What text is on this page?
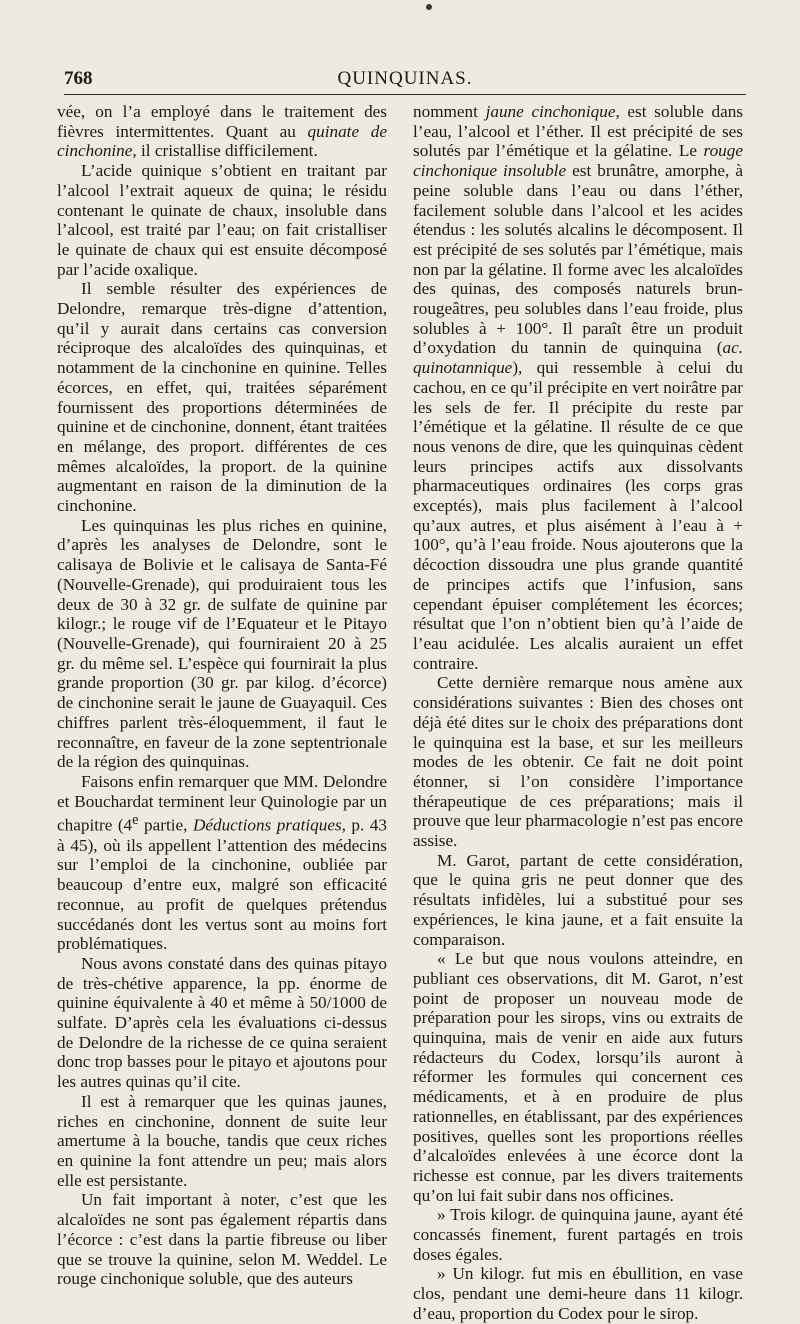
768	QUINQUINAS.

vée, on l’a employé dans le traitement des fièvres intermittentes. Quant au quinate de cinchonine, il cristallise difficilement.

L’acide quinique s’obtient en traitant par l’alcool l’extrait aqueux de quina; le résidu contenant le quinate de chaux, insoluble dans l’alcool, est traité par l’eau; on fait cristalliser le quinate de chaux qui est ensuite décomposé par l’acide oxalique.

Il semble résulter des expériences de Delondre, remarque très-digne d’attention, qu’il y aurait dans certains cas conversion réciproque des alcaloïdes des quinquinas, et notamment de la cinchonine en quinine. Telles écorces, en effet, qui, traitées séparément fournissent des proportions déterminées de quinine et de cinchonine, donnent, étant traitées en mélange, des proport. différentes de ces mêmes alcaloïdes, la proport. de la quinine augmentant en raison de la diminution de la cinchonine.

Les quinquinas les plus riches en quinine, d’après les analyses de Delondre, sont le calisaya de Bolivie et le calisaya de Santa-Fé (Nouvelle-Grenade), qui produiraient tous les deux de 30 à 32 gr. de sulfate de quinine par kilogr.; le rouge vif de l’Equateur et le Pitayo (Nouvelle-Grenade), qui fourniraient 20 à 25 gr. du même sel. L’espèce qui fournirait la plus grande proportion (30 gr. par kilog. d’écorce) de cinchonine serait le jaune de Guayaquil. Ces chiffres parlent très-éloquemment, il faut le reconnaître, en faveur de la zone septentrionale de la région des quinquinas.

Faisons enfin remarquer que MM. Delondre et Bouchardat terminent leur Quinologie par un chapitre (4e partie, Déductions pratiques, p. 43 à 45), où ils appellent l’attention des médecins sur l’emploi de la cinchonine, oubliée par beaucoup d’entre eux, malgré son efficacité reconnue, au profit de quelques prétendus succédanés dont les vertus sont au moins fort problématiques.

Nous avons constaté dans des quinas pitayo de très-chétive apparence, la pp. énorme de quinine équivalente à 40 et même à 50/1000 de sulfate. D’après cela les évaluations ci-dessus de Delondre de la richesse de ce quina seraient donc trop basses pour le pitayo et ajoutons pour les autres quinas qu’il cite.

Il est à remarquer que les quinas jaunes, riches en cinchonine, donnent de suite leur amertume à la bouche, tandis que ceux riches en quinine la font attendre un peu; mais alors elle est persistante.

Un fait important à noter, c’est que les alcaloïdes ne sont pas également répartis dans l’écorce : c’est dans la partie fibreuse ou liber que se trouve la quinine, selon M. Weddel. Le rouge cinchonique soluble, que des auteurs

nomment jaune cinchonique, est soluble dans l’eau, l’alcool et l’éther. Il est précipité de ses solutés par l’émétique et la gélatine. Le rouge cinchonique insoluble est brunâtre, amorphe, à peine soluble dans l’eau ou dans l’éther, facilement soluble dans l’alcool et les acides étendus : les solutés alcalins le décomposent. Il est précipité de ses solutés par l’émétique, mais non par la gélatine. Il forme avec les alcaloïdes des quinas, des composés naturels brun-rougeâtres, peu solubles dans l’eau froide, plus solubles à + 100°. Il paraît être un produit d’oxydation du tannin de quinquina (ac. quinotannique), qui ressemble à celui du cachou, en ce qu’il précipite en vert noirâtre par les sels de fer. Il précipite du reste par l’émétique et la gélatine. Il résulte de ce que nous venons de dire, que les quinquinas cèdent leurs principes actifs aux dissolvants pharmaceutiques ordinaires (les corps gras exceptés), mais plus facilement à l’alcool qu’aux autres, et plus aisément à l’eau à + 100°, qu’à l’eau froide. Nous ajouterons que la décoction dissoudra une plus grande quantité de principes actifs que l’infusion, sans cependant épuiser complétement les écorces; résultat que l’on n’obtient bien qu’à l’aide de l’eau acidulée. Les alcalis auraient un effet contraire.

Cette dernière remarque nous amène aux considérations suivantes : Bien des choses ont déjà été dites sur le choix des préparations dont le quinquina est la base, et sur les meilleurs modes de les obtenir. Ce fait ne doit point étonner, si l’on considère l’importance thérapeutique de ces préparations; mais il prouve que leur pharmacologie n’est pas encore assise.

M. Garot, partant de cette considération, que le quina gris ne peut donner que des résultats infidèles, lui a substitué pour ses expériences, le kina jaune, et a fait ensuite la comparaison.

« Le but que nous voulons atteindre, en publiant ces observations, dit M. Garot, n’est point de proposer un nouveau mode de préparation pour les sirops, vins ou extraits de quinquina, mais de venir en aide aux futurs rédacteurs du Codex, lorsqu’ils auront à réformer les formules qui concernent ces médicaments, et à en produire de plus rationnelles, en établissant, par des expériences positives, quelles sont les proportions réelles d’alcaloïdes enlevées à une écorce dont la richesse est connue, par les divers traitements qu’on lui fait subir dans nos officines.

» Trois kilogr. de quinquina jaune, ayant été concassés finement, furent partagés en trois doses égales.

» Un kilogr. fut mis en ébullition, en vase clos, pendant une demi-heure dans 11 kilogr. d’eau, proportion du Codex pour le sirop.
